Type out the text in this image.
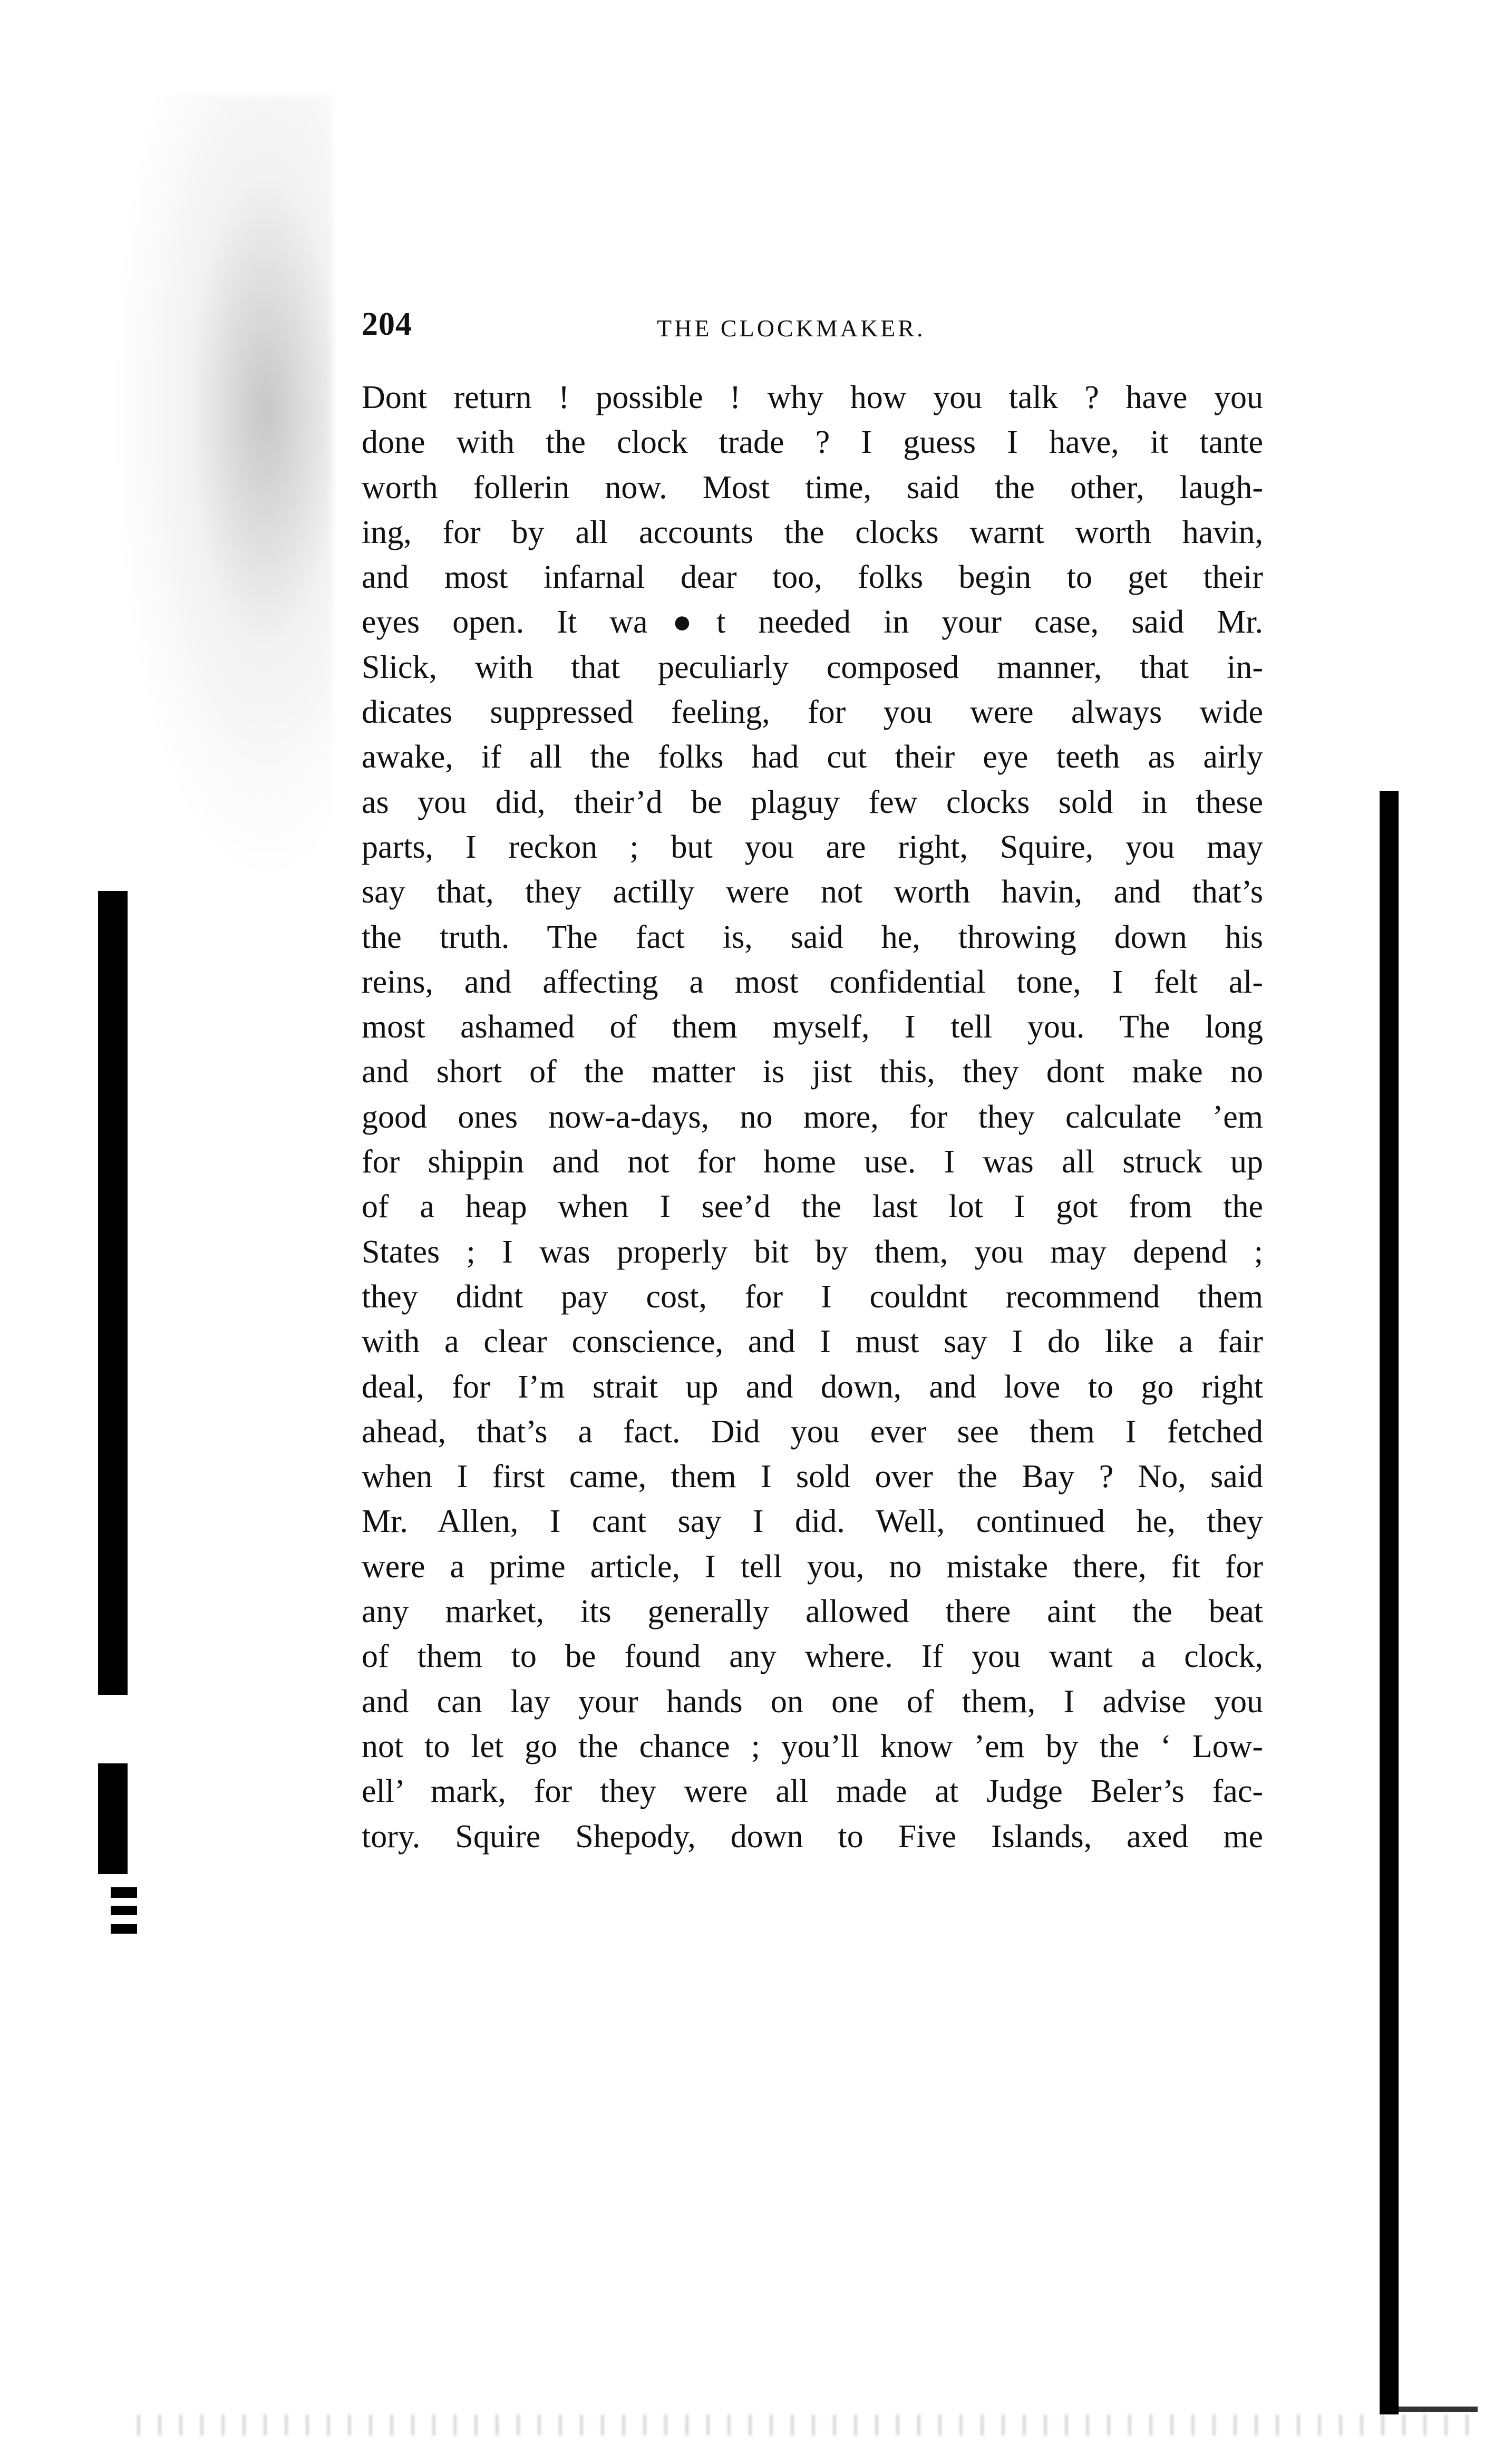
204	THE CLOCKMAKER.
Dont return ! possible ! why how you talk ? have you
done with the clock trade ? I guess I have, it tante
worth follerin now. Most time, said the other, laugh-
ing, for by all accounts the clocks warnt worth havin,
and most infarnal dear too, folks begin to get their
eyes open. It wa●t needed in your case, said Mr.
Slick, with that peculiarly composed manner, that in-
dicates suppressed feeling, for you were always wide
awake, if all the folks had cut their eye teeth as airly
as you did, their’d be plaguy few clocks sold in these
parts, I reckon ; but you are right, Squire, you may
say that, they actilly were not worth havin, and that’s
the truth. The fact is, said he, throwing down his
reins, and affecting a most confidential tone, I felt al-
most ashamed of them myself, I tell you. The long
and short of the matter is jist this, they dont make no
good ones now-a-days, no more, for they calculate ’em
for shippin and not for home use. I was all struck up
of a heap when I see’d the last lot I got from the
States ; I was properly bit by them, you may depend ;
they didnt pay cost, for I couldnt recommend them
with a clear conscience, and I must say I do like a fair
deal, for I’m strait up and down, and love to go right
ahead, that’s a fact. Did you ever see them I fetched
when I first came, them I sold over the Bay ? No, said
Mr. Allen, I cant say I did. Well, continued he, they
were a prime article, I tell you, no mistake there, fit for
any market, its generally allowed there aint the beat
of them to be found any where. If you want a clock,
and can lay your hands on one of them, I advise you
not to let go the chance ; you’ll know ’em by the ‘ Low-
ell’ mark, for they were all made at Judge Beler’s fac-
tory. Squire Shepody, down to Five Islands, axed me
